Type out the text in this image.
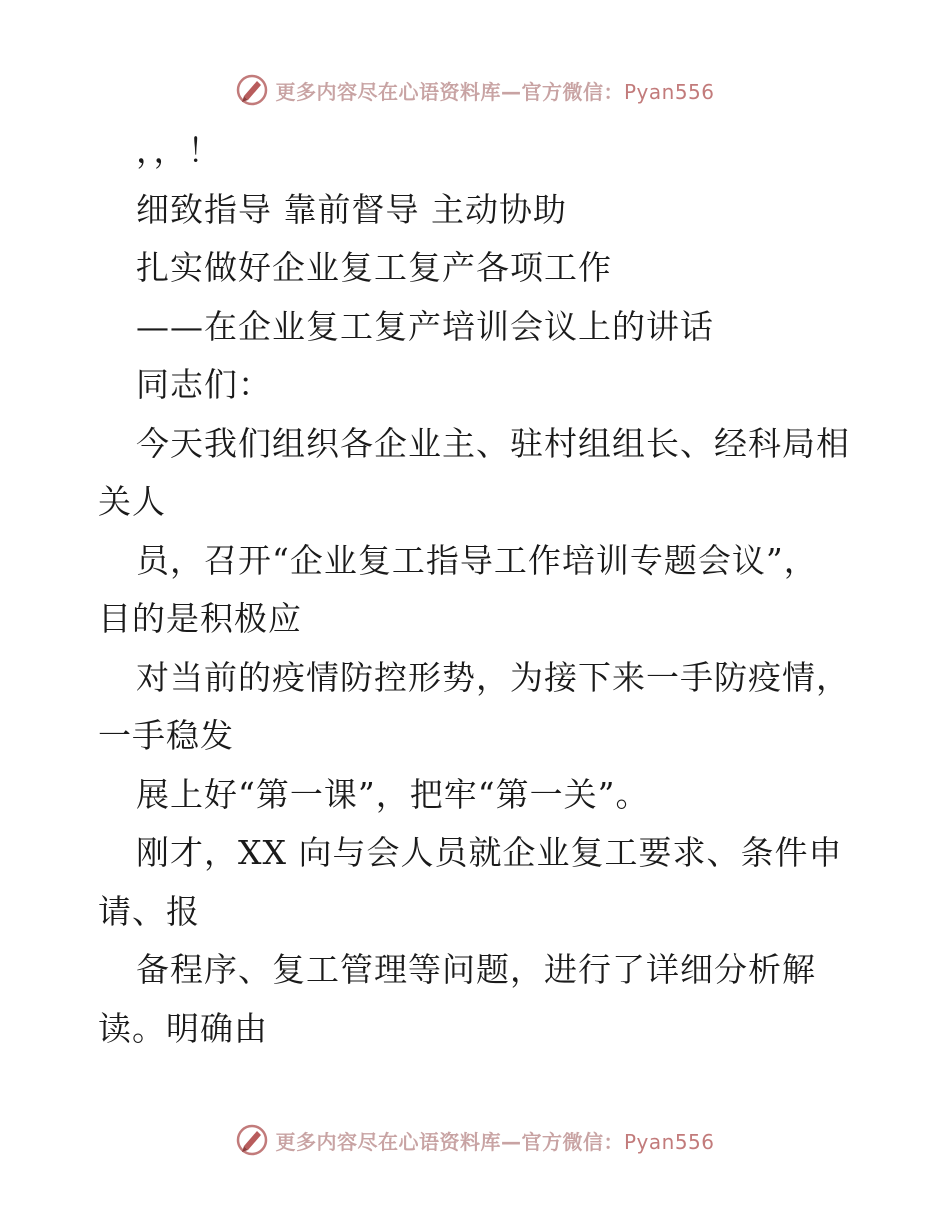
更多内容尽在心语资料库—官方微信：Pyan556
，，！
细致指导 靠前督导 主动协助
扎实做好企业复工复产各项工作
——在企业复工复产培训会议上的讲话
同志们：
今天我们组织各企业主、驻村组组长、经科局相
关人
员，召开“企业复工指导工作培训专题会议”，
目的是积极应
对当前的疫情防控形势，为接下来一手防疫情，
一手稳发
展上好“第一课”，把牢“第一关”。
刚才，XX 向与会人员就企业复工要求、条件申
请、报
备程序、复工管理等问题，进行了详细分析解
读。明确由
更多内容尽在心语资料库—官方微信：Pyan556
